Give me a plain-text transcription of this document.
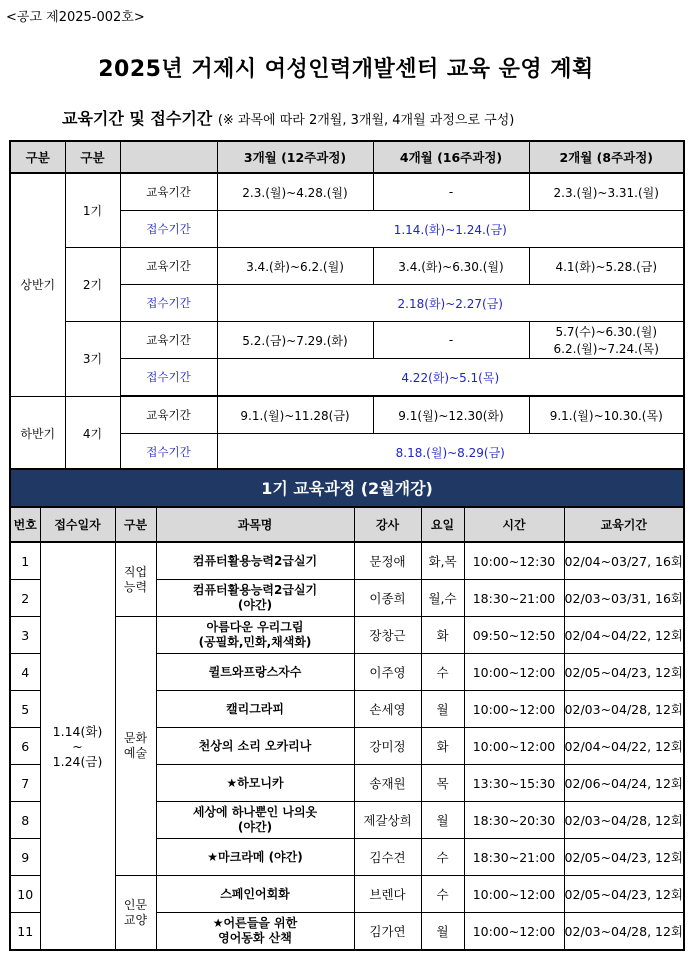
<공고 제2025-002호>
2025년 거제시 여성인력개발센터 교육 운영 계획
교육기간 및 접수기간 (※ 과목에 따라 2개월, 3개월, 4개월 과정으로 구성)
구분	구분		3개월 (12주과정)	4개월 (16주과정)	2개월 (8주과정)
상반기	1기	교육기간	2.3.(월)~4.28.(월)	-	2.3.(월)~3.31.(월)
		접수기간	1.14.(화)~1.24.(금)		
	2기	교육기간	3.4.(화)~6.2.(월)	3.4.(화)~6.30.(월)	4.1(화)~5.28.(금)
		접수기간	2.18(화)~2.27(금)		
	3기	교육기간	5.2.(금)~7.29.(화)	-	5.7(수)~6.30.(월)
6.2.(월)~7.24.(목)
		접수기간	4.22(화)~5.1(목)		
하반기	4기	교육기간	9.1.(월)~11.28(금)	9.1(월)~12.30(화)	9.1.(월)~10.30.(목)
		접수기간	8.18.(월)~8.29(금)		
1기 교육과정 (2월개강)							
번호	접수일자	구분	과목명	강사	요일	시간	교육기간
1	1.14(화)
~
1.24(금)	직업
능력	컴퓨터활용능력2급실기	문정애	화,목	10:00~12:30	02/04~03/27, 16회
2			컴퓨터활용능력2급실기
(야간)	이종희	월,수	18:30~21:00	02/03~03/31, 16회
3		문화
예술	아름다운 우리그림
(공필화,민화,채색화)	장창근	화	09:50~12:50	02/04~04/22, 12회
4			퀼트와프랑스자수	이주영	수	10:00~12:00	02/05~04/23, 12회
5			캘리그라피	손세영	월	10:00~12:00	02/03~04/28, 12회
6			천상의 소리 오카리나	강미정	화	10:00~12:00	02/04~04/22, 12회
7			★하모니카	송재원	목	13:30~15:30	02/06~04/24, 12회
8			세상에 하나뿐인 나의옷
(야간)	제갈상희	월	18:30~20:30	02/03~04/28, 12회
9			★마크라메 (야간)	김수견	수	18:30~21:00	02/05~04/23, 12회
10		인문
교양	스페인어회화	브렌다	수	10:00~12:00	02/05~04/23, 12회
11			★어른들을 위한
영어동화 산책	김가연	월	10:00~12:00	02/03~04/28, 12회
